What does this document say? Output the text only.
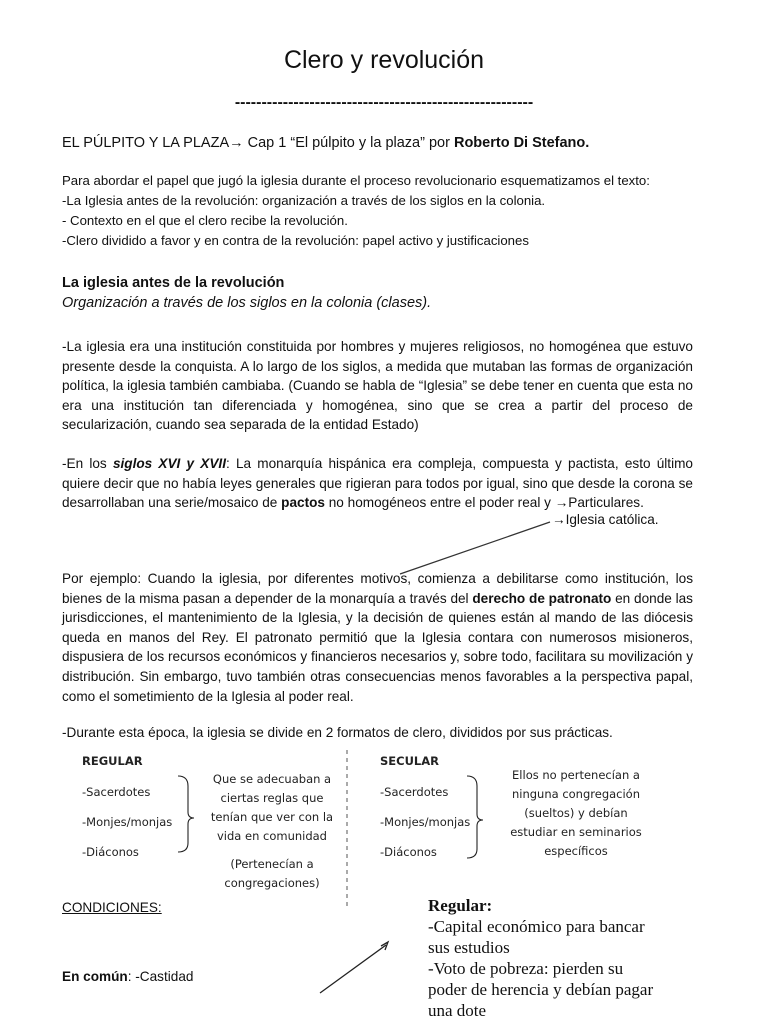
Clero y revolución
--------------------------------------------------------
EL PÚLPITO Y LA PLAZA→ Cap 1 “El púlpito y la plaza” por Roberto Di Stefano.
Para abordar el papel que jugó la iglesia durante el proceso revolucionario esquematizamos el texto:
-La Iglesia antes de la revolución: organización a través de los siglos en la colonia.
- Contexto en el que el clero recibe la revolución.
-Clero dividido a favor y en contra de la revolución: papel activo y justificaciones
La iglesia antes de la revolución
Organización a través de los siglos en la colonia (clases).
-La iglesia era una institución constituida por hombres y mujeres religiosos, no homogénea que estuvo presente desde la conquista. A lo largo de los siglos, a medida que mutaban las formas de organización política, la iglesia también cambiaba. (Cuando se habla de “Iglesia” se debe tener en cuenta que esta no era una institución tan diferenciada y homogénea, sino que se crea a partir del proceso de secularización, cuando sea separada de la entidad Estado)
-En los siglos XVI y XVII: La monarquía hispánica era compleja, compuesta y pactista, esto último quiere decir que no había leyes generales que rigieran para todos por igual, sino que desde la corona se desarrollaban una serie/mosaico de pactos no homogéneos entre el poder real y →Particulares.
→Iglesia católica.
Por ejemplo: Cuando la iglesia, por diferentes motivos, comienza a debilitarse como institución, los bienes de la misma pasan a depender de la monarquía a través del derecho de patronato en donde las jurisdicciones, el mantenimiento de la Iglesia, y la decisión de quienes están al mando de las diócesis queda en manos del Rey. El patronato permitió que la Iglesia contara con numerosos misioneros, dispusiera de los recursos económicos y financieros necesarios y, sobre todo, facilitara su movilización y distribución. Sin embargo, tuvo también otras consecuencias menos favorables a la perspectiva papal, como el sometimiento de la Iglesia al poder real.
-Durante esta época, la iglesia se divide en 2 formatos de clero, divididos por sus prácticas.
REGULAR
-Sacerdotes
-Monjes/monjas
-Diáconos
Que se adecuaban a
ciertas reglas que
tenían que ver con la
vida en comunidad
(Pertenecían a
congregaciones)
SECULAR
-Sacerdotes
-Monjes/monjas
-Diáconos
Ellos no pertenecían a
ninguna congregación
(sueltos) y debían
estudiar en seminarios
específicos
CONDICIONES:
En común: -Castidad
Regular:
-Capital económico para bancar
sus estudios
-Voto de pobreza: pierden su
poder de herencia y debían pagar
una dote
